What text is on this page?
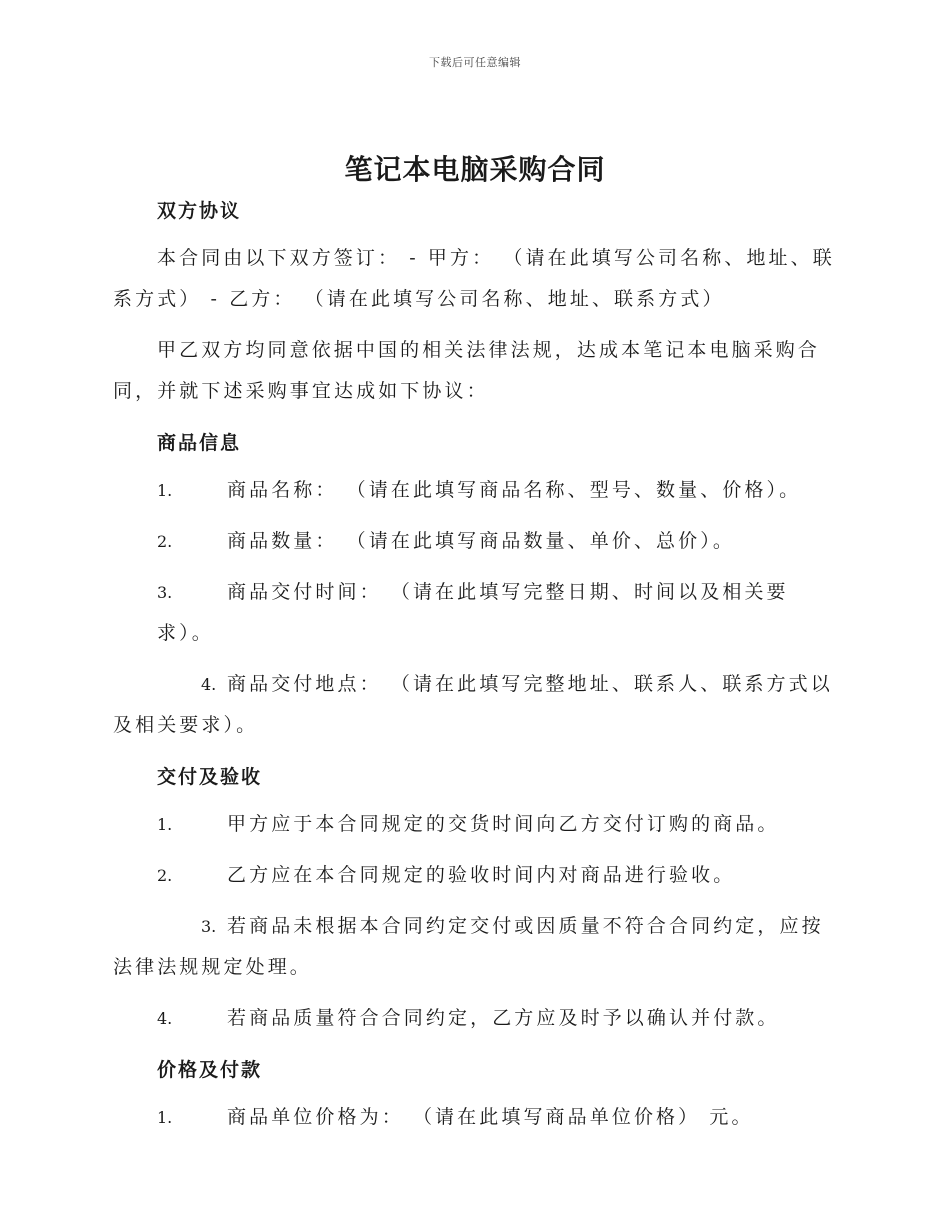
下载后可任意编辑
笔记本电脑采购合同
双方协议

本合同由以下双方签订： - 甲方： （请在此填写公司名称、地址、联系方式） - 乙方： （请在此填写公司名称、地址、联系方式）

甲乙双方均同意依据中国的相关法律法规，达成本笔记本电脑采购合同，并就下述采购事宜达成如下协议：

商品信息

1.	商品名称： （请在此填写商品名称、型号、数量、价格）。

2.	商品数量： （请在此填写商品数量、单价、总价）。

3.	商品交付时间： （请在此填写完整日期、时间以及相关要求）。

4. 商品交付地点： （请在此填写完整地址、联系人、联系方式以及相关要求）。

交付及验收

1.	甲方应于本合同规定的交货时间向乙方交付订购的商品。

2.	乙方应在本合同规定的验收时间内对商品进行验收。

3. 若商品未根据本合同约定交付或因质量不符合合同约定，应按法律法规规定处理。

4.	若商品质量符合合同约定，乙方应及时予以确认并付款。

价格及付款

1.	商品单位价格为： （请在此填写商品单位价格） 元。
